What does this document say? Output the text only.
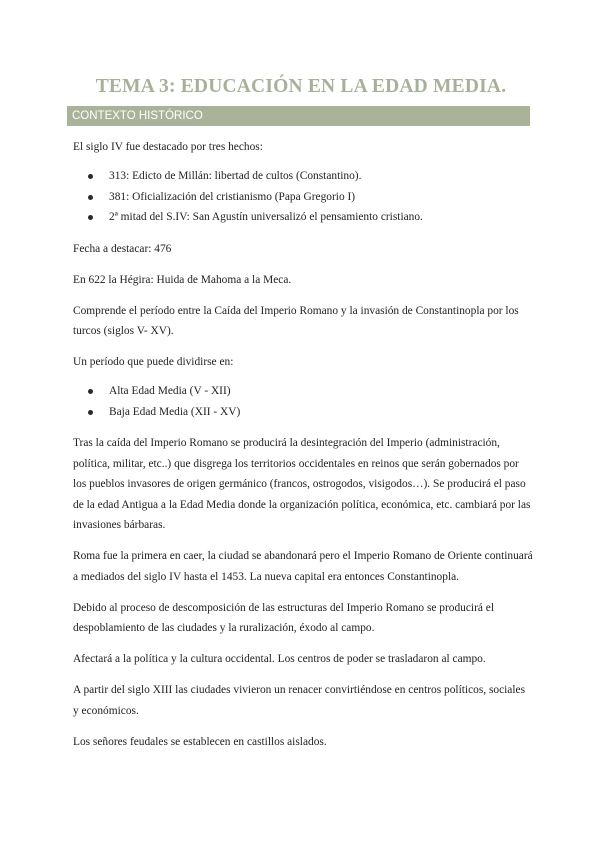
TEMA 3: EDUCACIÓN EN LA EDAD MEDIA.
CONTEXTO HISTÓRICO

El siglo IV fue destacado por tres hechos:

313: Edicto de Millán: libertad de cultos (Constantino).
381: Oficialización del cristianismo (Papa Gregorio I)
2ª mitad del S.IV: San Agustín universalizó el pensamiento cristiano.

Fecha a destacar: 476

En 622 la Hégira: Huida de Mahoma a la Meca.

Comprende el período entre la Caída del Imperio Romano y la invasión de Constantinopla por los turcos (siglos V- XV).

Un período que puede dividirse en:

Alta Edad Media (V - XII)
Baja Edad Media (XII - XV)

Tras la caída del Imperio Romano se producirá la desintegración del Imperio (administración, política, militar, etc..) que disgrega los territorios occidentales en reinos que serán gobernados por los pueblos invasores de origen germánico (francos, ostrogodos, visigodos…). Se producirá el paso de la edad Antigua a la Edad Media donde la organización política, económica, etc. cambiará por las invasiones bárbaras.

Roma fue la primera en caer, la ciudad se abandonará pero el Imperio Romano de Oriente continuará a mediados del siglo IV hasta el 1453. La nueva capital era entonces Constantinopla.

Debido al proceso de descomposición de las estructuras del Imperio Romano se producirá el despoblamiento de las ciudades y la ruralización, éxodo al campo.

Afectará a la política y la cultura occidental. Los centros de poder se trasladaron al campo.

A partir del siglo XIII las ciudades vivieron un renacer convirtiéndose en centros políticos, sociales y económicos.

Los señores feudales se establecen en castillos aislados.
